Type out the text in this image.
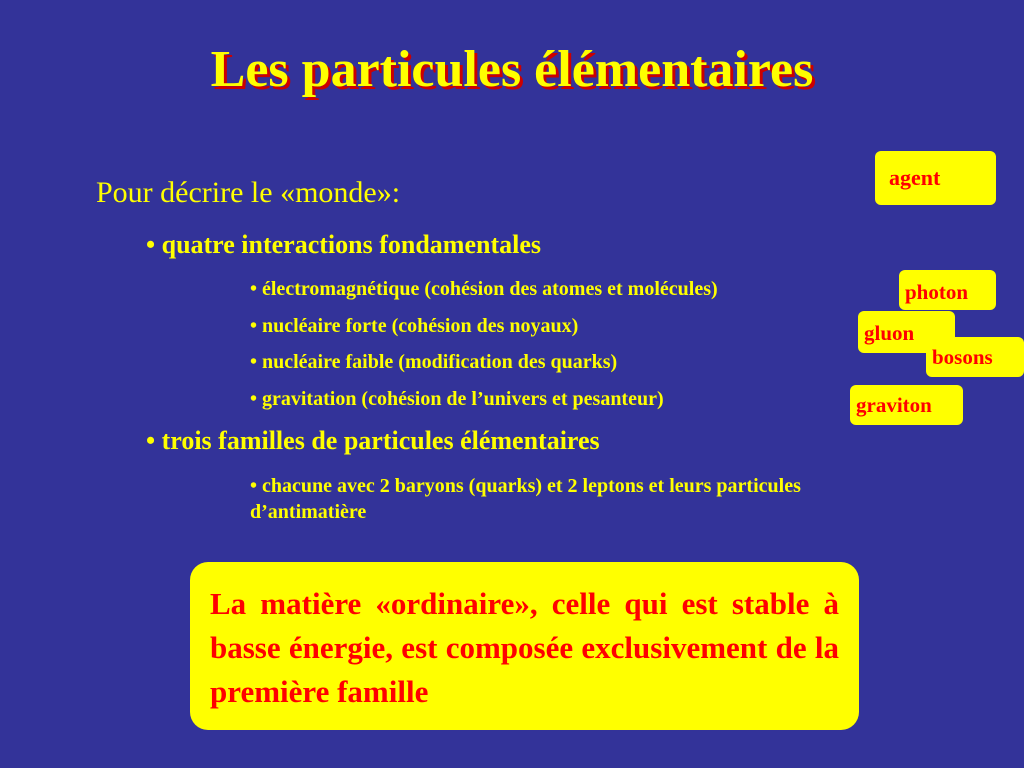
Les particules élémentaires

Pour décrire le «monde»:

• quatre interactions fondamentales

• électromagnétique (cohésion des atomes et molécules)

• nucléaire forte (cohésion des noyaux)

• nucléaire faible (modification des quarks)

• gravitation (cohésion de l’univers et pesanteur)

• trois familles de particules élémentaires

• chacune avec 2 baryons (quarks) et 2 leptons et leurs particules d’antimatière

agent
photon
gluon
bosons
graviton
La matière «ordinaire», celle qui est stable à basse énergie, est composée exclusivement de la première famille
